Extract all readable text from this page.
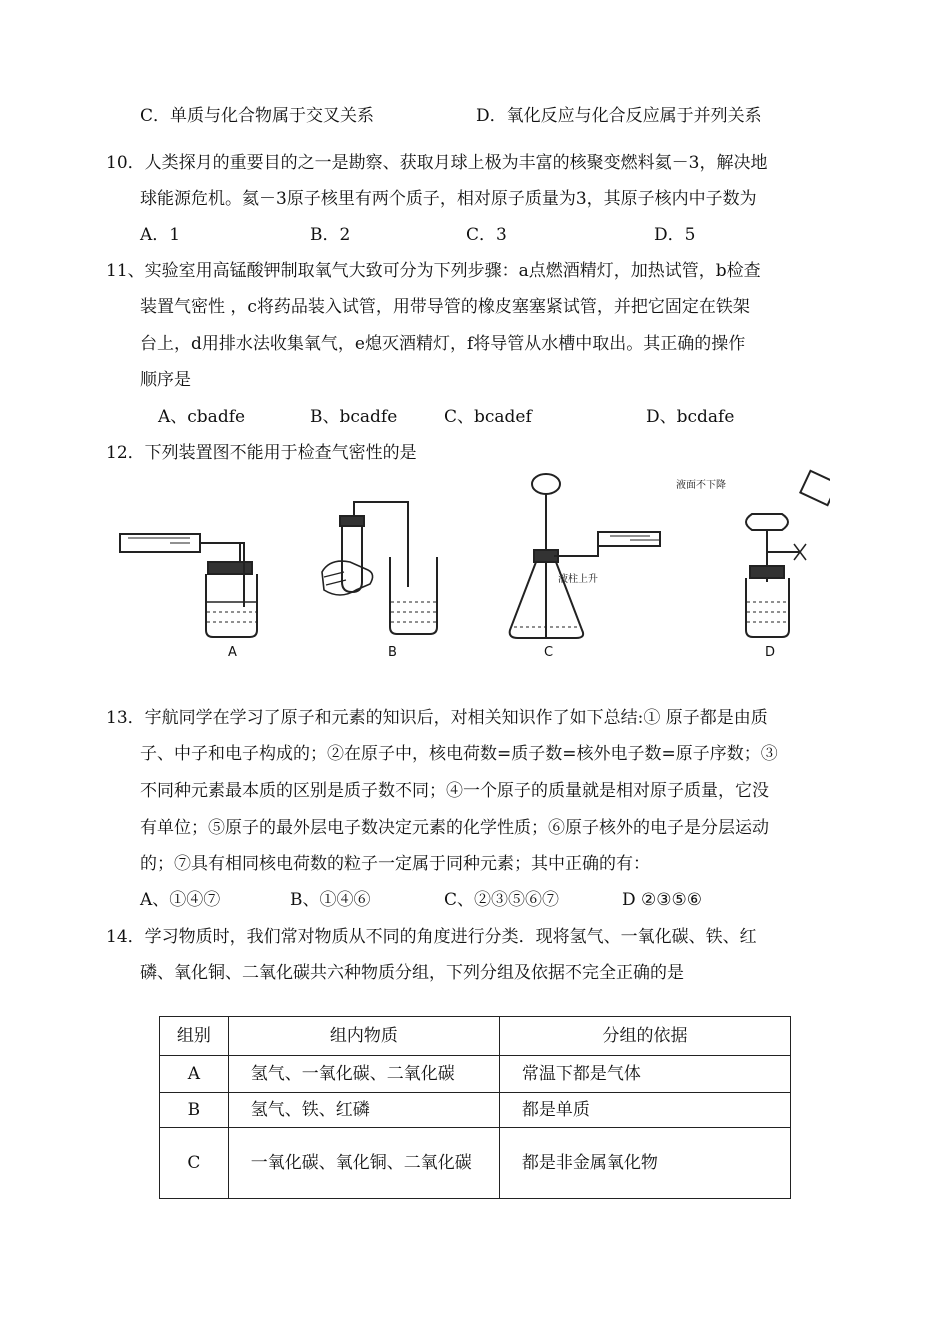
C．单质与化合物属于交叉关系	D．氧化反应与化合反应属于并列关系
10．人类探月的重要目的之一是勘察、获取月球上极为丰富的核聚变燃料氦－3，解决地
球能源危机。氦－3原子核里有两个质子，相对原子质量为3，其原子核内中子数为
A．1	B．2	C．3	D．5
11、实验室用高锰酸钾制取氧气大致可分为下列步骤：a点燃酒精灯，加热试管，b检查
装置气密性 ，c将药品装入试管，用带导管的橡皮塞塞紧试管，并把它固定在铁架
台上，d用排水法收集氧气，e熄灭酒精灯，f将导管从水槽中取出。其正确的操作
顺序是
A、cbadfe	B、bcadfe	C、bcadef	D、bcdafe
12．下列装置图不能用于检查气密性的是
A	B	C	D
液柱上升
液面不下降
13．宇航同学在学习了原子和元素的知识后，对相关知识作了如下总结:① 原子都是由质
子、中子和电子构成的；②在原子中，核电荷数=质子数=核外电子数=原子序数；③
不同种元素最本质的区别是质子数不同；④一个原子的质量就是相对原子质量，它没
有单位；⑤原子的最外层电子数决定元素的化学性质；⑥原子核外的电子是分层运动
的；⑦具有相同核电荷数的粒子一定属于同种元素；其中正确的有：
A、①④⑦	B、①④⑥	C、②③⑤⑥⑦	D ②③⑤⑥
14．学习物质时，我们常对物质从不同的角度进行分类．现将氢气、一氧化碳、铁、红
磷、氧化铜、二氧化碳共六种物质分组，下列分组及依据不完全正确的是
组别	组内物质	分组的依据
A	氢气、一氧化碳、二氧化碳	常温下都是气体
B	氢气、铁、红磷	都是单质
C	一氧化碳、氧化铜、二氧化碳	都是非金属氧化物
